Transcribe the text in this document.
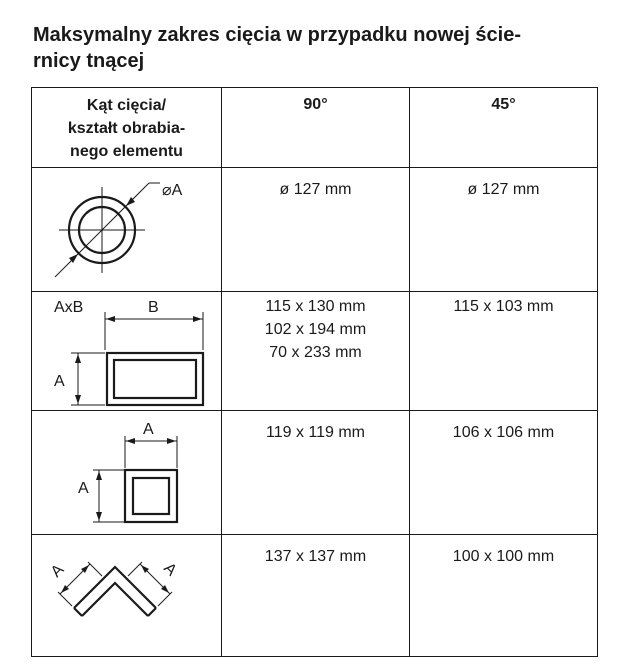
Maksymalny zakres cięcia w przypadku nowej ście-
rnicy tnącej
Kąt cięcia/
kształt obrabia-
nego elementu	90°	45°

⌀A	ø 127 mm	ø 127 mm

AxB B
A	115 x 130 mm
102 x 194 mm
70 x 233 mm	115 x 103 mm

A
A	119 x 119 mm	106 x 106 mm

A A	137 x 137 mm	100 x 100 mm
